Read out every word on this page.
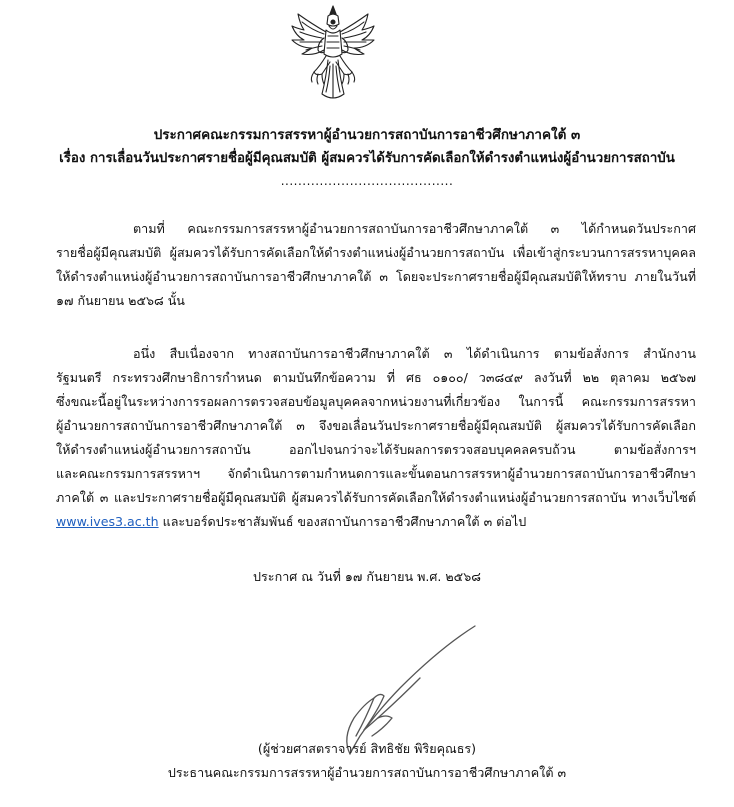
ประกาศคณะกรรมการสรรหาผู้อำนวยการสถาบันการอาชีวศึกษาภาคใต้ ๓
เรื่อง การเลื่อนวันประกาศรายชื่อผู้มีคุณสมบัติ ผู้สมควรได้รับการคัดเลือกให้ดำรงตำแหน่งผู้อำนวยการสถาบัน
........................................
ตามที่ คณะกรรมการสรรหาผู้อำนวยการสถาบันการอาชีวศึกษาภาคใต้ ๓ ได้กำหนดวันประกาศ
รายชื่อผู้มีคุณสมบัติ ผู้สมควรได้รับการคัดเลือกให้ดำรงตำแหน่งผู้อำนวยการสถาบัน เพื่อเข้าสู่กระบวนการสรรหาบุคคล
ให้ดำรงตำแหน่งผู้อำนวยการสถาบันการอาชีวศึกษาภาคใต้ ๓ โดยจะประกาศรายชื่อผู้มีคุณสมบัติให้ทราบ ภายในวันที่
๑๗ กันยายน ๒๕๖๘ นั้น
อนึ่ง สืบเนื่องจาก ทางสถาบันการอาชีวศึกษาภาคใต้ ๓ ได้ดำเนินการ ตามข้อสั่งการ สำนักงาน
รัฐมนตรี กระทรวงศึกษาธิการกำหนด ตามบันทึกข้อความ ที่ ศธ ๐๑๐๐/ ว๓๘๔๙ ลงวันที่ ๒๒ ตุลาคม ๒๕๖๗
ซึ่งขณะนี้อยู่ในระหว่างการรอผลการตรวจสอบข้อมูลบุคคลจากหน่วยงานที่เกี่ยวข้อง ในการนี้ คณะกรรมการสรรหา
ผู้อำนวยการสถาบันการอาชีวศึกษาภาคใต้ ๓ จึงขอเลื่อนวันประกาศรายชื่อผู้มีคุณสมบัติ ผู้สมควรได้รับการคัดเลือก
ให้ดำรงตำแหน่งผู้อำนวยการสถาบัน ออกไปจนกว่าจะได้รับผลการตรวจสอบบุคคลครบถ้วน ตามข้อสั่งการฯ
และคณะกรรมการสรรหาฯ จักดำเนินการตามกำหนดการและขั้นตอนการสรรหาผู้อำนวยการสถาบันการอาชีวศึกษา
ภาคใต้ ๓ และประกาศรายชื่อผู้มีคุณสมบัติ ผู้สมควรได้รับการคัดเลือกให้ดำรงตำแหน่งผู้อำนวยการสถาบัน ทางเว็บไซต์
www.ives3.ac.th และบอร์ดประชาสัมพันธ์ ของสถาบันการอาชีวศึกษาภาคใต้ ๓ ต่อไป
ประกาศ ณ วันที่ ๑๗ กันยายน พ.ศ. ๒๕๖๘
(ผู้ช่วยศาสตราจารย์ สิทธิชัย พิริยคุณธร)
ประธานคณะกรรมการสรรหาผู้อำนวยการสถาบันการอาชีวศึกษาภาคใต้ ๓
